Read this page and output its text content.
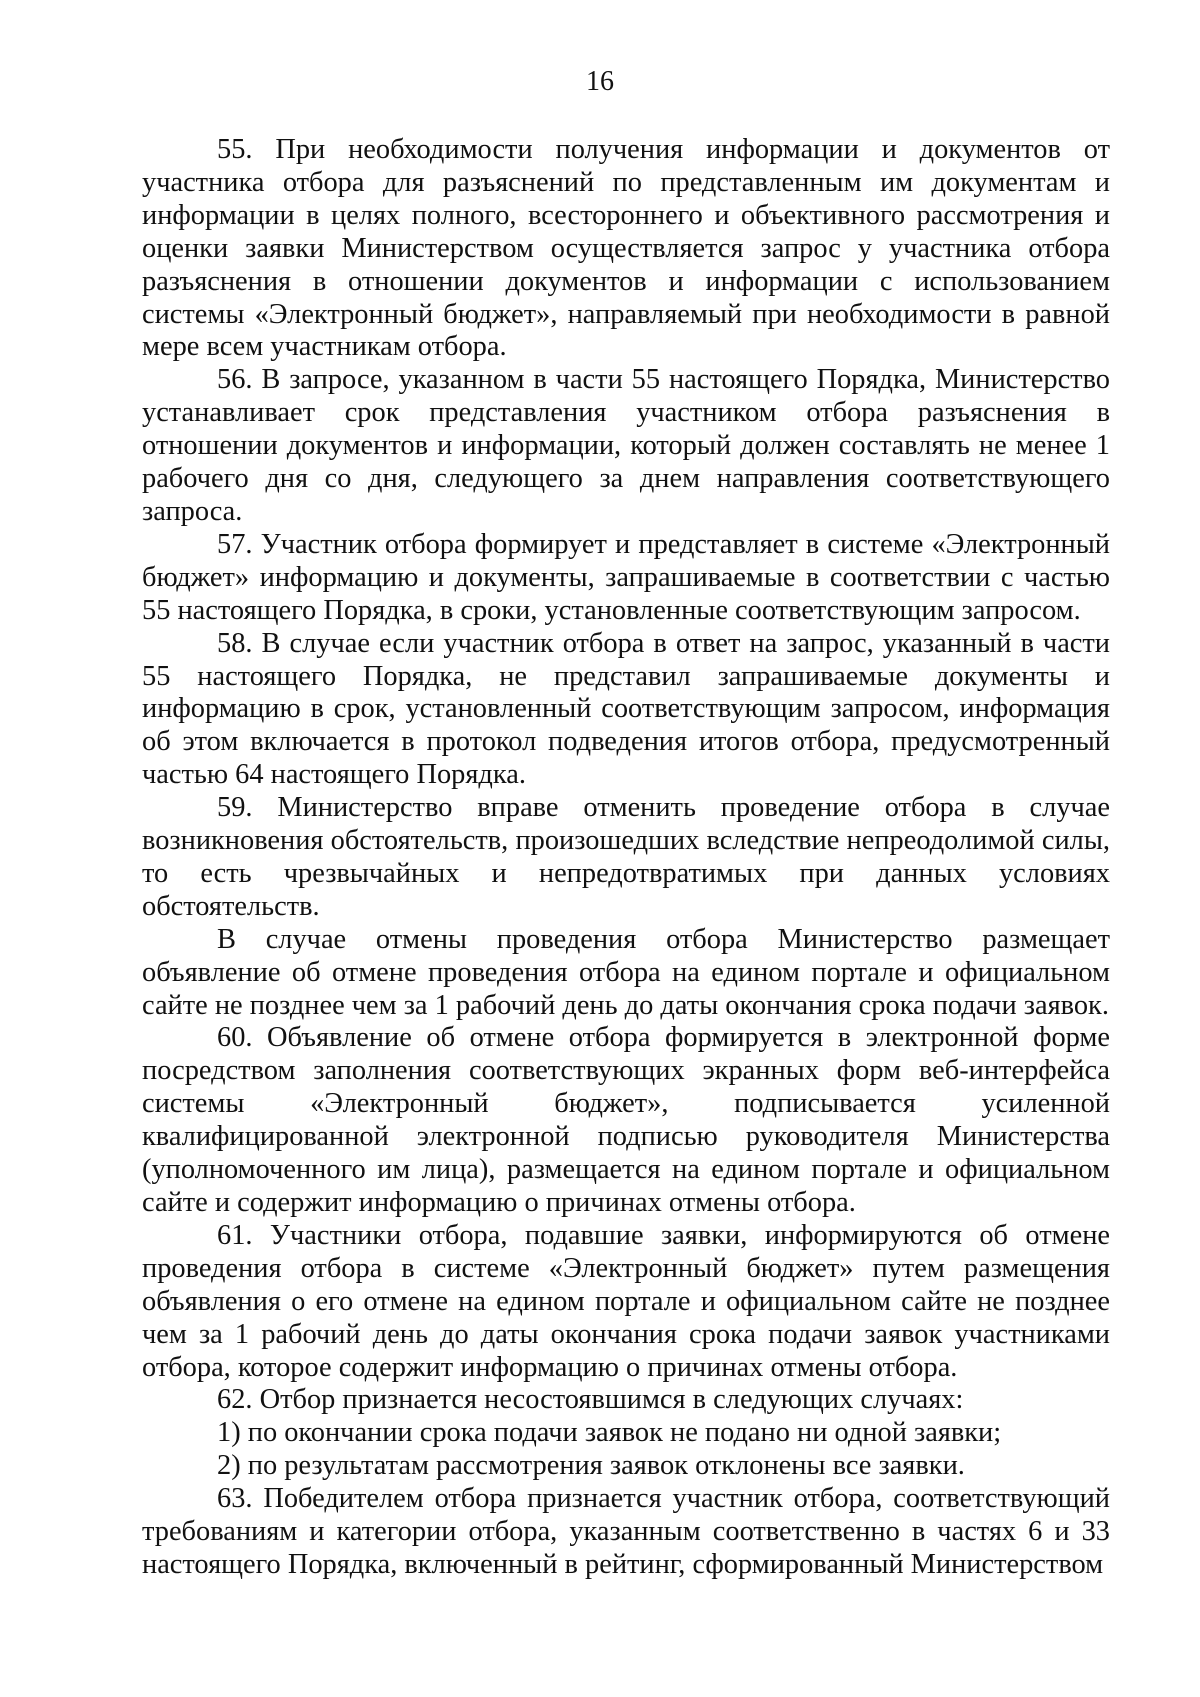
16

55. При необходимости получения информации и документов от участника отбора для разъяснений по представленным им документам и информации в целях полного, всестороннего и объективного рассмотрения и оценки заявки Министерством осуществляется запрос у участника отбора разъяснения в отношении документов и информации с использованием системы «Электронный бюджет», направляемый при необходимости в равной мере всем участникам отбора.

56. В запросе, указанном в части 55 настоящего Порядка, Министерство устанавливает срок представления участником отбора разъяснения в отношении документов и информации, который должен составлять не менее 1 рабочего дня со дня, следующего за днем направления соответствующего запроса.

57. Участник отбора формирует и представляет в системе «Электронный бюджет» информацию и документы, запрашиваемые в соответствии с частью 55 настоящего Порядка, в сроки, установленные соответствующим запросом.

58. В случае если участник отбора в ответ на запрос, указанный в части 55 настоящего Порядка, не представил запрашиваемые документы и информацию в срок, установленный соответствующим запросом, информация об этом включается в протокол подведения итогов отбора, предусмотренный частью 64 настоящего Порядка.

59. Министерство вправе отменить проведение отбора в случае возникновения обстоятельств, произошедших вследствие непреодолимой силы, то есть чрезвычайных и непредотвратимых при данных условиях обстоятельств.

В случае отмены проведения отбора Министерство размещает объявление об отмене проведения отбора на едином портале и официальном сайте не позднее чем за 1 рабочий день до даты окончания срока подачи заявок.

60. Объявление об отмене отбора формируется в электронной форме посредством заполнения соответствующих экранных форм веб-интерфейса системы «Электронный бюджет», подписывается усиленной квалифицированной электронной подписью руководителя Министерства (уполномоченного им лица), размещается на едином портале и официальном сайте и содержит информацию о причинах отмены отбора.

61. Участники отбора, подавшие заявки, информируются об отмене проведения отбора в системе «Электронный бюджет» путем размещения объявления о его отмене на едином портале и официальном сайте не позднее чем за 1 рабочий день до даты окончания срока подачи заявок участниками отбора, которое содержит информацию о причинах отмены отбора.

62. Отбор признается несостоявшимся в следующих случаях:

1) по окончании срока подачи заявок не подано ни одной заявки;

2) по результатам рассмотрения заявок отклонены все заявки.

63. Победителем отбора признается участник отбора, соответствующий требованиям и категории отбора, указанным соответственно в частях 6 и 33 настоящего Порядка, включенный в рейтинг, сформированный Министерством
